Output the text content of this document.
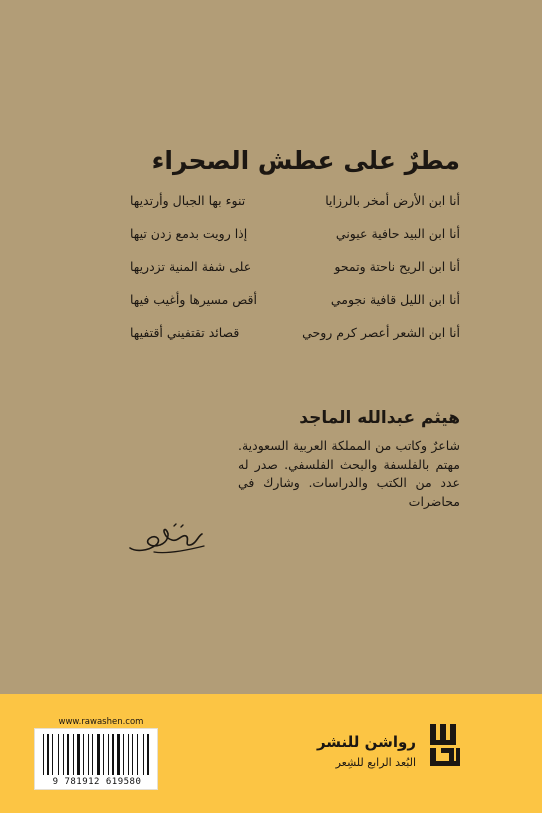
مطرٌ على عطش الصحراء
أنا ابن الأرض أمخر بالرزايا
تنوء بها الجبال وأرتديها
أنا ابن البيد حافية عيوني
إذا رويت بدمع زدن تيها
أنا ابن الريح ناحتة وتمحو
على شفة المنية تزدريها
أنا ابن الليل قافية نجومي
أقص مسيرها وأغيب فيها
أنا ابن الشعر أعصر كرم روحي
قصائد تقتفيني أقتفيها
هيثم عبدالله الماجد
شاعرٌ وكاتب من المملكة العربية السعودية. مهتم بالفلسفة والبحث الفلسفي. صدر له عدد من الكتب والدراسات. وشارك في محاضرات
www.rawashen.com
9 781912 619580
رواشن للنشر
البُعد الرابع للشِعر
